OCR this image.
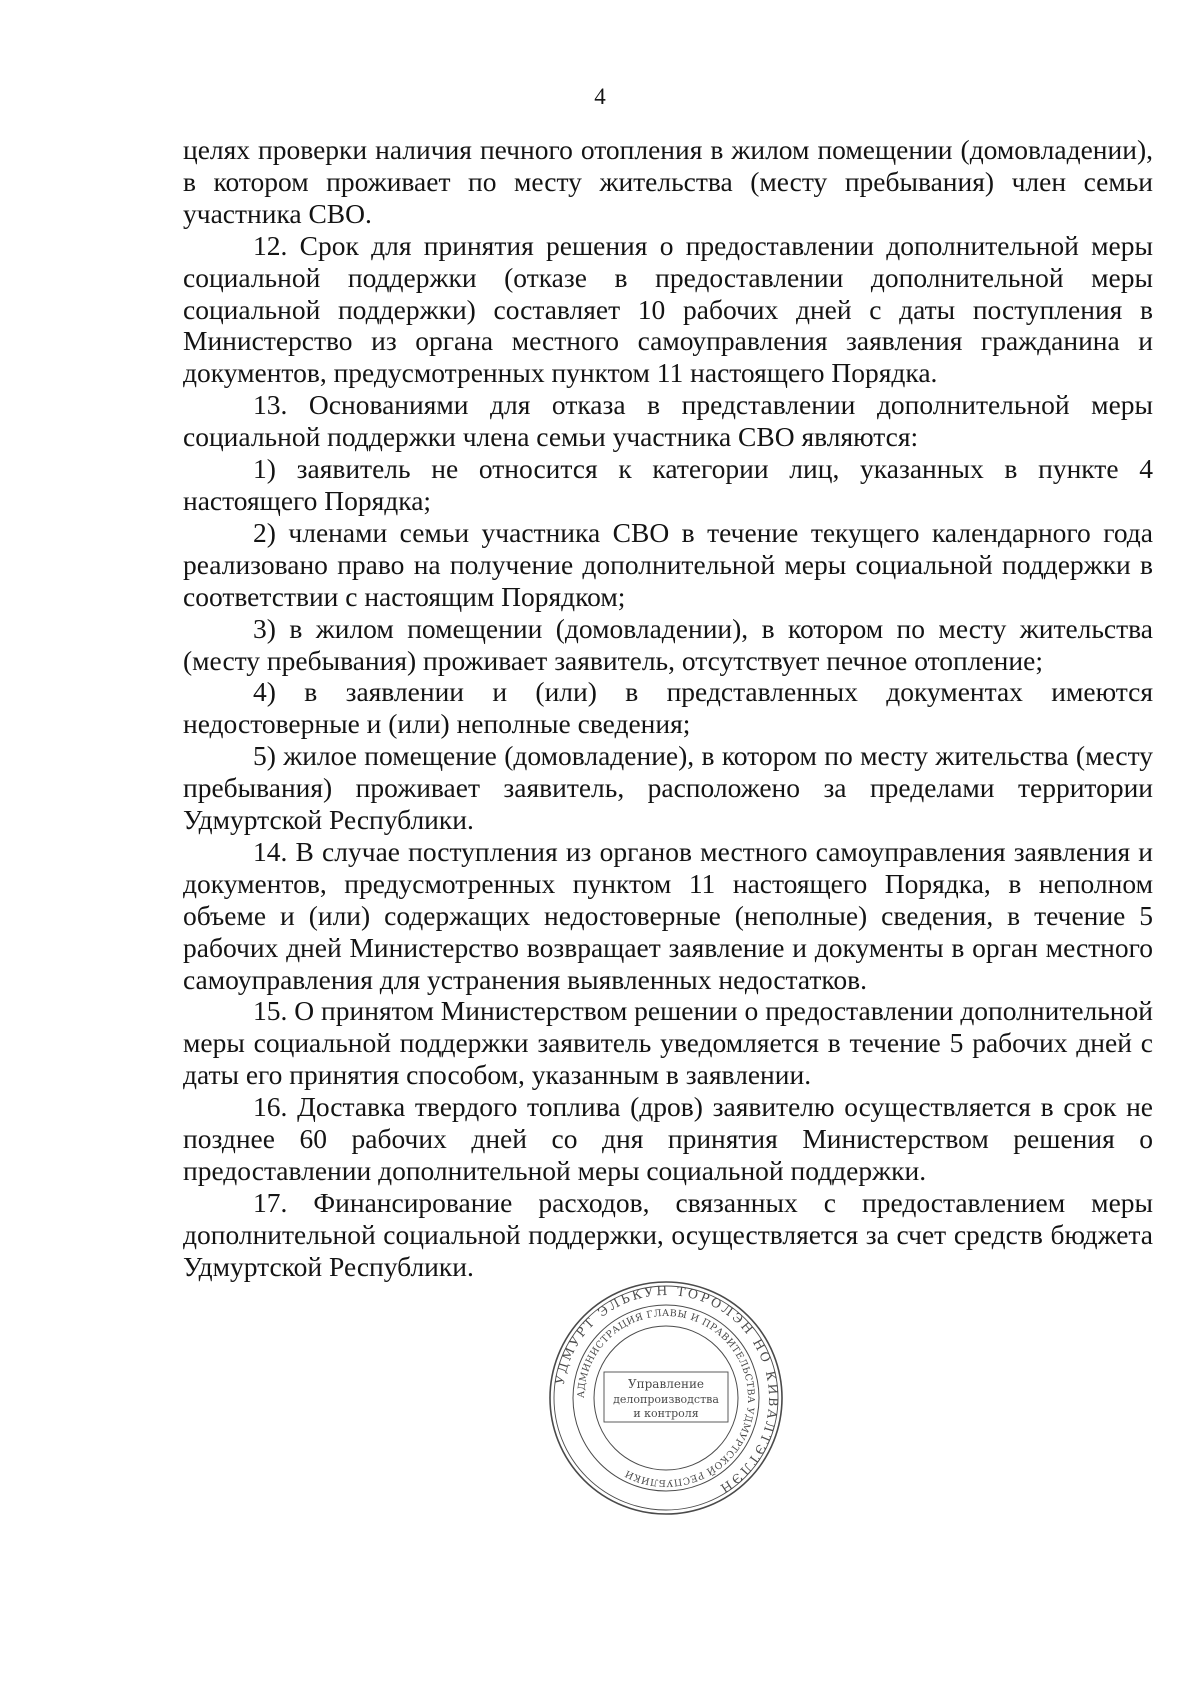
4

целях проверки наличия печного отопления в жилом помещении (домовладении), в котором проживает по месту жительства (месту пребывания) член семьи участника СВО.

12. Срок для принятия решения о предоставлении дополнительной меры социальной поддержки (отказе в предоставлении дополнительной меры социальной поддержки) составляет 10 рабочих дней с даты поступления в Министерство из органа местного самоуправления заявления гражданина и документов, предусмотренных пунктом 11 настоящего Порядка.

13. Основаниями для отказа в представлении дополнительной меры социальной поддержки члена семьи участника СВО являются:

1) заявитель не относится к категории лиц, указанных в пункте 4 настоящего Порядка;

2) членами семьи участника СВО в течение текущего календарного года реализовано право на получение дополнительной меры социальной поддержки в соответствии с настоящим Порядком;

3) в жилом помещении (домовладении), в котором по месту жительства (месту пребывания) проживает заявитель, отсутствует печное отопление;

4) в заявлении и (или) в представленных документах имеются недостоверные и (или) неполные сведения;

5) жилое помещение (домовладение), в котором по месту жительства (месту пребывания) проживает заявитель, расположено за пределами территории Удмуртской Республики.

14. В случае поступления из органов местного самоуправления заявления и документов, предусмотренных пунктом 11 настоящего Порядка, в неполном объеме и (или) содержащих недостоверные (неполные) сведения, в течение 5 рабочих дней Министерство возвращает заявление и документы в орган местного самоуправления для устранения выявленных недостатков.

15. О принятом Министерством решении о предоставлении дополнительной меры социальной поддержки заявитель уведомляется в течение 5 рабочих дней с даты его принятия способом, указанным в заявлении.

16. Доставка твердого топлива (дров) заявителю осуществляется в срок не позднее 60 рабочих дней со дня принятия Министерством решения о предоставлении дополнительной меры социальной поддержки.

17. Финансирование расходов, связанных с предоставлением меры дополнительной социальной поддержки, осуществляется за счет средств бюджета Удмуртской Республики.

УДМУРТ ЭЛЬКУН ТОРОЛЭН НО КИВАЛТЭТЛЭН
АДМИНИСТРАЦИЯ ГЛАВЫ И ПРАВИТЕЛЬСТВА УДМУРТСКОЙ РЕСПУБЛИКИ
Управление
делопроизводства
и контроля
